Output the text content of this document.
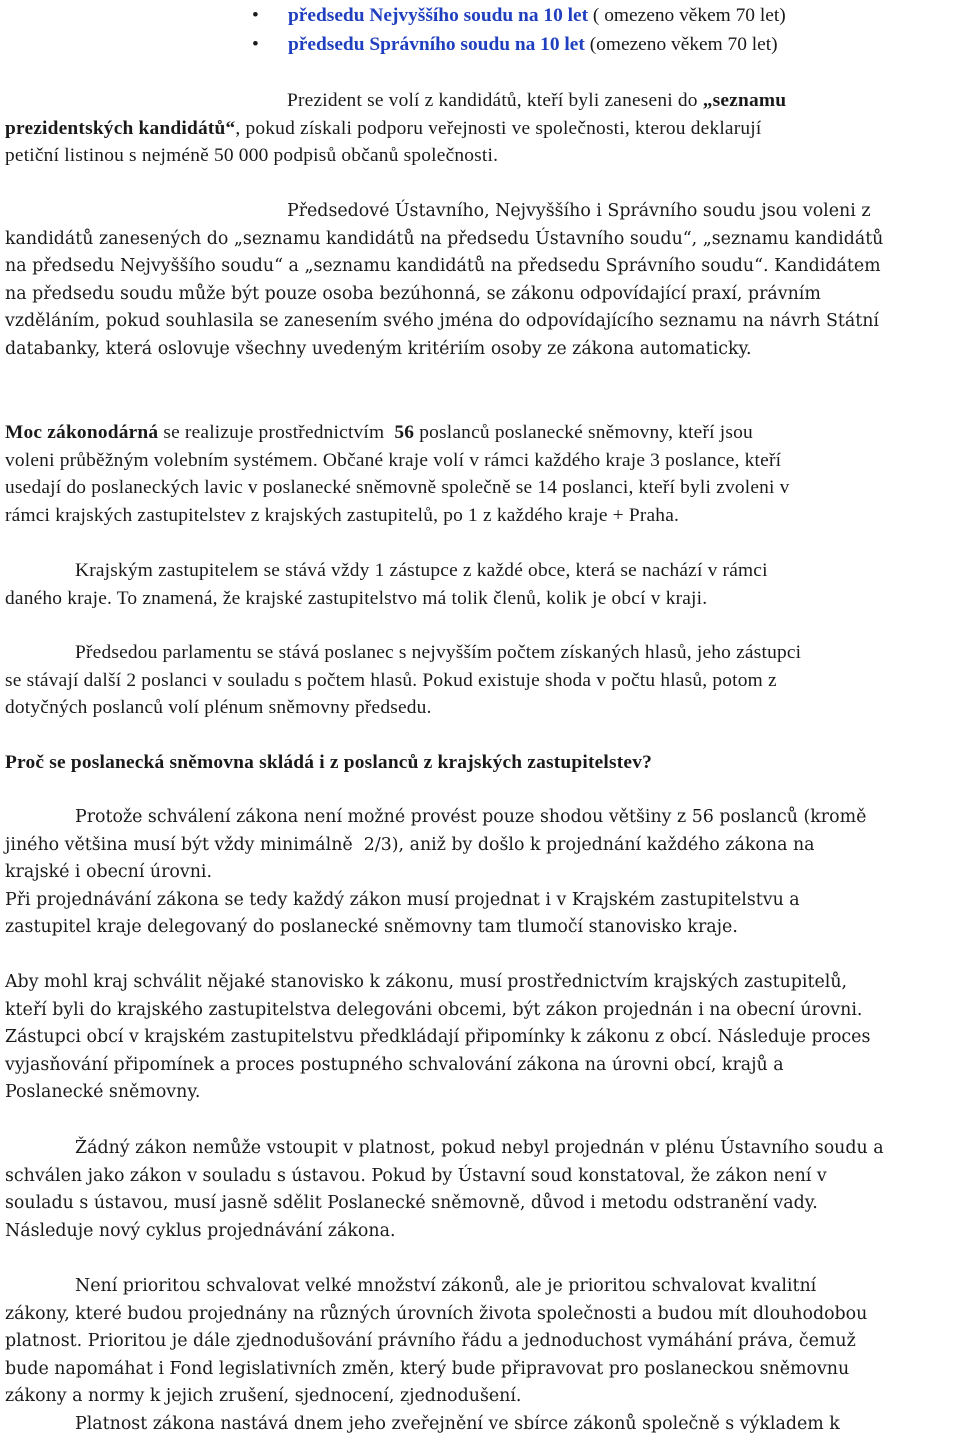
• předsedu Nejvyššího soudu na 10 let ( omezeno věkem 70 let)
• předsedu Správního soudu na 10 let (omezeno věkem 70 let)
Prezident se volí z kandidátů, kteří byli zaneseni do „seznamu
prezidentských kandidátů“, pokud získali podporu veřejnosti ve společnosti, kterou deklarují
petiční listinou s nejméně 50 000 podpisů občanů společnosti.
Předsedové Ústavního, Nejvyššího i Správního soudu jsou voleni z
kandidátů zanesených do „seznamu kandidátů na předsedu Ústavního soudu“, „seznamu kandidátů
na předsedu Nejvyššího soudu“ a „seznamu kandidátů na předsedu Správního soudu“. Kandidátem
na předsedu soudu může být pouze osoba bezúhonná, se zákonu odpovídající praxí, právním
vzděláním, pokud souhlasila se zanesením svého jména do odpovídajícího seznamu na návrh Státní
databanky, která oslovuje všechny uvedeným kritériím osoby ze zákona automaticky.
Moc zákonodárná se realizuje prostřednictvím  56 poslanců poslanecké sněmovny, kteří jsou
voleni průběžným volebním systémem. Občané kraje volí v rámci každého kraje 3 poslance, kteří
usedají do poslaneckých lavic v poslanecké sněmovně společně se 14 poslanci, kteří byli zvoleni v
rámci krajských zastupitelstev z krajských zastupitelů, po 1 z každého kraje + Praha.
Krajským zastupitelem se stává vždy 1 zástupce z každé obce, která se nachází v rámci
daného kraje. To znamená, že krajské zastupitelstvo má tolik členů, kolik je obcí v kraji.
Předsedou parlamentu se stává poslanec s nejvyšším počtem získaných hlasů, jeho zástupci
se stávají další 2 poslanci v souladu s počtem hlasů. Pokud existuje shoda v počtu hlasů, potom z
dotyčných poslanců volí plénum sněmovny předsedu.
Proč se poslanecká sněmovna skládá i z poslanců z krajských zastupitelstev?
Protože schválení zákona není možné provést pouze shodou většiny z 56 poslanců (kromě
jiného většina musí být vždy minimálně  2/3), aniž by došlo k projednání každého zákona na
krajské i obecní úrovni.
Při projednávání zákona se tedy každý zákon musí projednat i v Krajském zastupitelstvu a
zastupitel kraje delegovaný do poslanecké sněmovny tam tlumočí stanovisko kraje.
Aby mohl kraj schválit nějaké stanovisko k zákonu, musí prostřednictvím krajských zastupitelů,
kteří byli do krajského zastupitelstva delegováni obcemi, být zákon projednán i na obecní úrovni.
Zástupci obcí v krajském zastupitelstvu předkládají připomínky k zákonu z obcí. Následuje proces
vyjasňování připomínek a proces postupného schvalování zákona na úrovni obcí, krajů a
Poslanecké sněmovny.
Žádný zákon nemůže vstoupit v platnost, pokud nebyl projednán v plénu Ústavního soudu a
schválen jako zákon v souladu s ústavou. Pokud by Ústavní soud konstatoval, že zákon není v
souladu s ústavou, musí jasně sdělit Poslanecké sněmovně, důvod i metodu odstranění vady.
Následuje nový cyklus projednávání zákona.
Není prioritou schvalovat velké množství zákonů, ale je prioritou schvalovat kvalitní
zákony, které budou projednány na různých úrovních života společnosti a budou mít dlouhodobou
platnost. Prioritou je dále zjednodušování právního řádu a jednoduchost vymáhání práva, čemuž
bude napomáhat i Fond legislativních změn, který bude připravovat pro poslaneckou sněmovnu
zákony a normy k jejich zrušení, sjednocení, zjednodušení.
Platnost zákona nastává dnem jeho zveřejnění ve sbírce zákonů společně s výkladem k
